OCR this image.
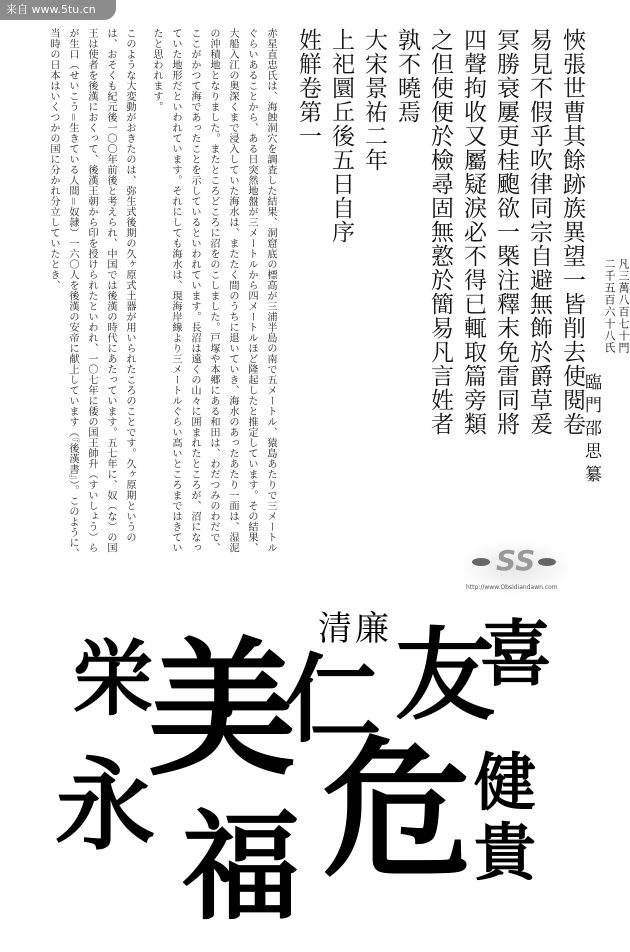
来自 www.5tu.cn

赤星直忠氏は、海蝕洞穴を調査した結果、洞窟底の標高が三浦半島の南で五メートル、猿島あたりで三メートルぐらいあることから、ある日突然地盤が三メートルから四メートルほど隆起したと推定しています。その結果、大船入江の奥深くまで浸入していた海水は、またたく間のうちに退いていき、海水のあったあたり一面は、湿泥の沖積地となりました。またところどころに沼をのこしました。戸塚や本郷にある和田は、わだつみのわだで、ここがかつて海であったことを示しているといわれています。長沼は遠くの山々に囲まれたところが、沼になっていた地形だといわれています。それにしても海水は、現海岸線より三メートルぐらい高いところまではきていたと思われます。

このような大変動がおきたのは、弥生式後期の久ヶ原式土器が用いられたころのことです。久ヶ原期というのは、おそくも紀元後一〇〇年前後と考えられ、中国では後漢の時代にあたっています。五七年に、奴（な）の国王は使者を後漢におくって、後漢王朝から印を授けられたといわれ、一〇七年に倭の国王帥升（すいしょう）らが生口（せいこう＝生きている人間＝奴隷）一六〇人を後漢の安帝に献上しています（『後漢書』）。このように、当時の日本はいくつかの国に分かれ分立していたとき、	悏張世曹其餘跡族異望一皆削去使閱卷
易見不假乎吹律同宗自避無飾於爵草爰
冥勝衰屢更桂颮欲一槩注釋末免雷同將
四聲拘收又屬疑淚必不得已輒取篇旁類
之但使便於檢尋固無憝於簡易凡言姓者
孰不曉焉
大宋景祐二年
上祀圜丘後五日自序
姓觧卷第一
凡三萬八百七十門
二千五百六十八氏
臨門邵思纂
SS
http://www.Obsidiandawn.com
清 廉
栄
美
仁 友
喜
永 福 危 健
貴
